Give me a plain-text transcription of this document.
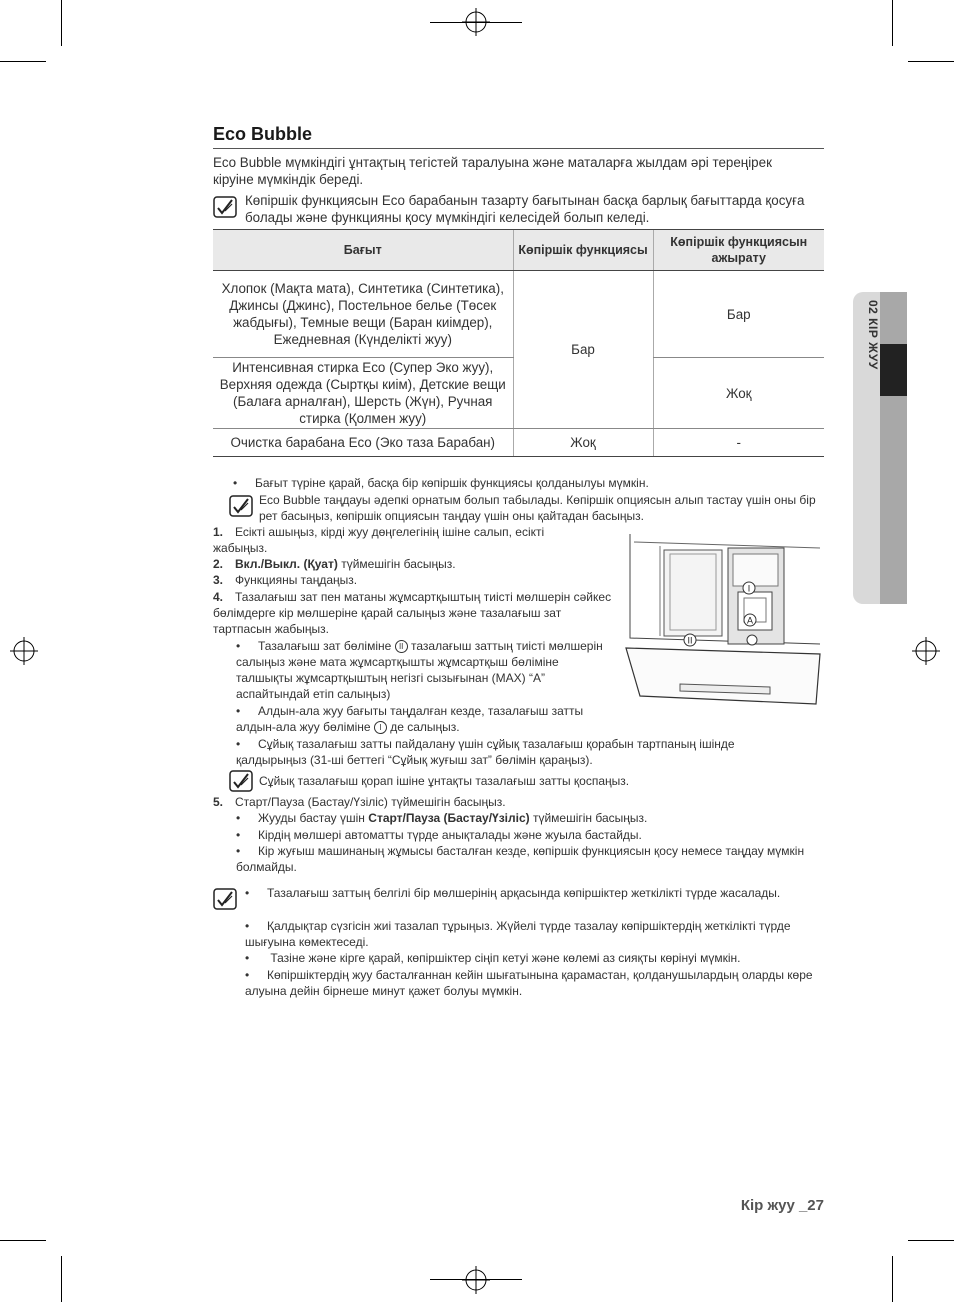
02 КІР ЖУУ
Eco Bubble
Eco Bubble мүмкіндігі ұнтақтың тегістей таралуына және маталарға жылдам әрі тереңірек кіруіне мүмкіндік береді.
Көпіршік функциясын Eco барабанын тазарту бағытынан басқа барлық бағыттарда қосуға болады және функцияны қосу мүмкіндігі келесідей болып келеді.
Бағыт	Көпіршік функциясы	Көпіршік функциясын ажырату
Хлопок (Мақта мата), Синтетика (Синтетика), Джинсы (Джинс), Постельное белье (Төсек жабдығы), Темные вещи (Баран киімдер), Ежедневная (Күнделікті жуу)	Бар	Бар
Интенсивная стирка Eco (Супер Эко жуу), Верхняя одежда (Сыртқы киім), Детские вещи (Балаға арналған), Шерсть (Жүн), Ручная стирка (Қолмен жуу)		Жоқ
Очистка барабана Eco (Эко таза Барабан)	Жоқ	-
• Бағыт түріне қарай, басқа бір көпіршік функциясы қолданылуы мүмкін.
Eco Bubble таңдауы әдепкі орнатым болып табылады. Көпіршік опциясын алып тастау үшін оны бір рет басыңыз, көпіршік опциясын таңдау үшін оны қайтадан басыңыз.
1. Есікті ашыңыз, кірді жуу дөңгелегінің ішіне салып, есікті жабыңыз.
2. Вкл./Выкл. (Қуат) түймешігін басыңыз.
3. Функцияны таңдаңыз.
4. Тазалағыш зат пен матаны жұмсартқыштың тиісті мөлшерін сәйкес бөлімдерге кір мөлшеріне қарай салыңыз және тазалағыш зат тартпасын жабыңыз.
• Тазалағыш зат бөліміне II тазалағыш заттың тиісті мөлшерін салыңыз және мата жұмсартқышты жұмсартқыш бөліміне талшықты жұмсартқыштың негізгі сызығынан (MAX) “A” аспайтындай етіп салыңыз)
• Алдын-ала жуу бағыты таңдалған кезде, тазалағыш затты алдын-ала жуу бөліміне I де салыңыз.
• Сұйық тазалағыш затты пайдалану үшін сұйық тазалағыш қорабын тартпаның ішінде қалдырыңыз (31-ші беттегі “Сұйық жуғыш зат” бөлімін қараңыз).
Сұйық тазалағыш қорап ішіне ұнтақты тазалағыш затты қоспаңыз.
5. Старт/Пауза (Бастау/Үзіліс) түймешігін басыңыз.
• Жууды бастау үшін Старт/Пауза (Бастау/Үзіліс) түймешігін басыңыз.
• Кірдің мөлшері автоматты түрде анықталады және жуыла бастайды.
• Кір жуғыш машинаның жұмысы басталған кезде, көпіршік функциясын қосу немесе таңдау мүмкін болмайды.
• Тазалағыш заттың белгілі бір мөлшерінің арқасында көпіршіктер жеткілікті түрде жасалады.
• Қалдықтар сүзгісін жиі тазалап тұрыңыз. Жүйелі түрде тазалау көпіршіктердің жеткілікті түрде шығуына көмектеседі.
• Тазіне және кірге қарай, көпіршіктер сіңіп кетуі және көлемі аз сияқты көрінуі мүмкін.
• Көпіршіктердің жуу басталғаннан кейін шығатынына қарамастан, қолданушылардың оларды көре алуына дейін бірнеше минут қажет болуы мүмкін.
I
A
II
Кір жуу _27
